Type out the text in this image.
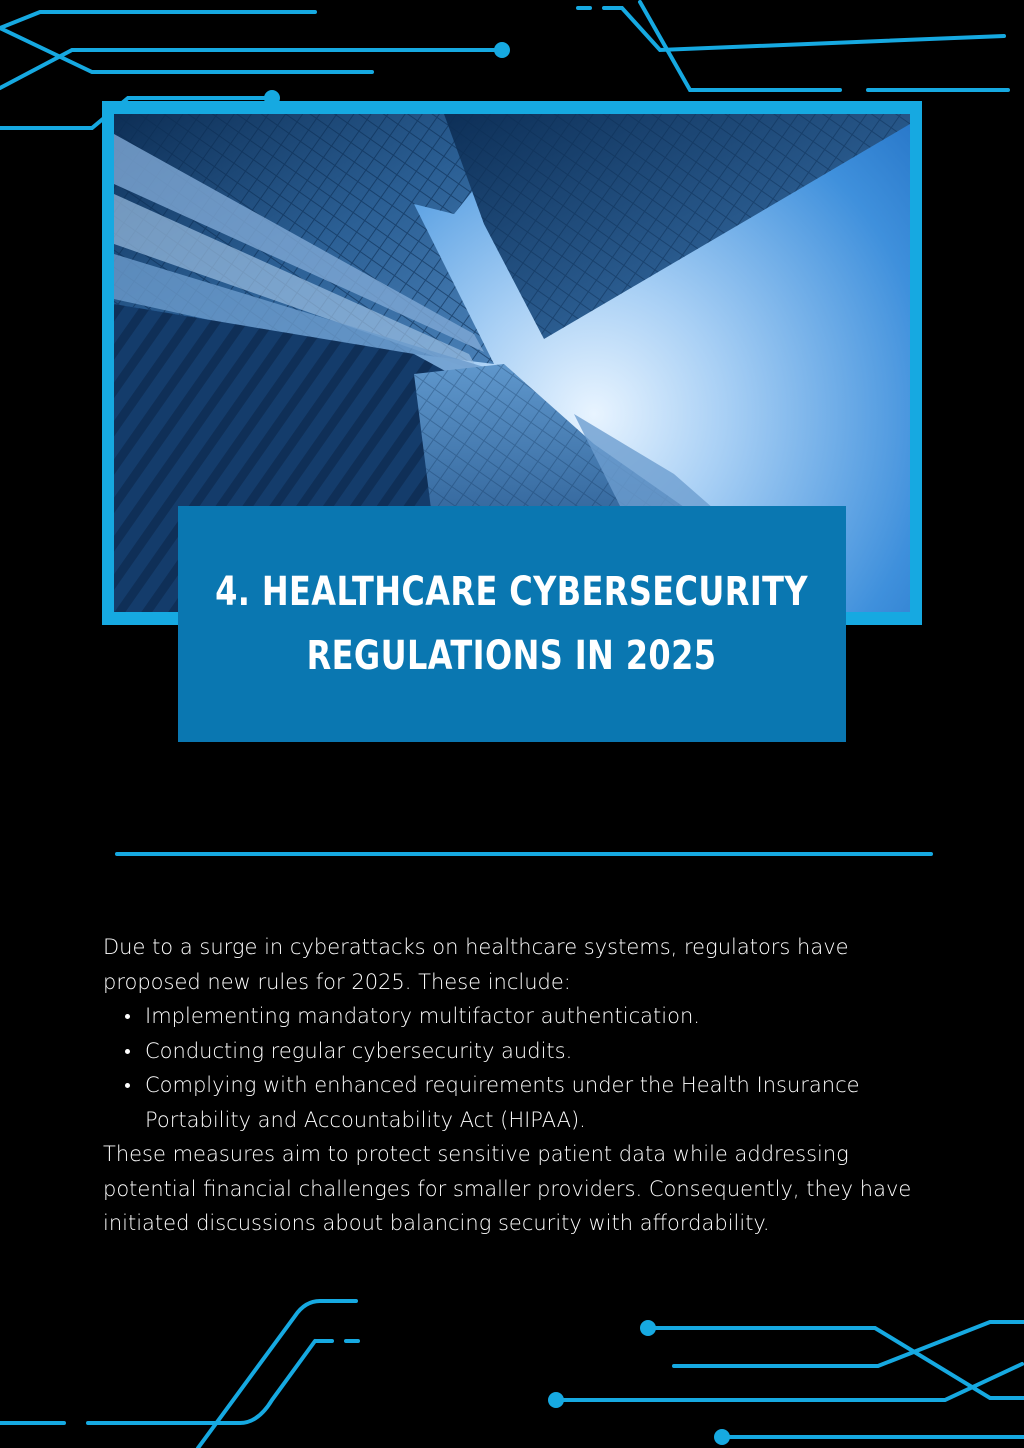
4. HEALTHCARE CYBERSECURITY
REGULATIONS IN 2025

Due to a surge in cyberattacks on healthcare systems, regulators have proposed new rules for 2025. These include:

Implementing mandatory multifactor authentication.
Conducting regular cybersecurity audits.
Complying with enhanced requirements under the Health Insurance Portability and Accountability Act (HIPAA).

These measures aim to protect sensitive patient data while addressing potential financial challenges for smaller providers. Consequently, they have initiated discussions about balancing security with affordability.
